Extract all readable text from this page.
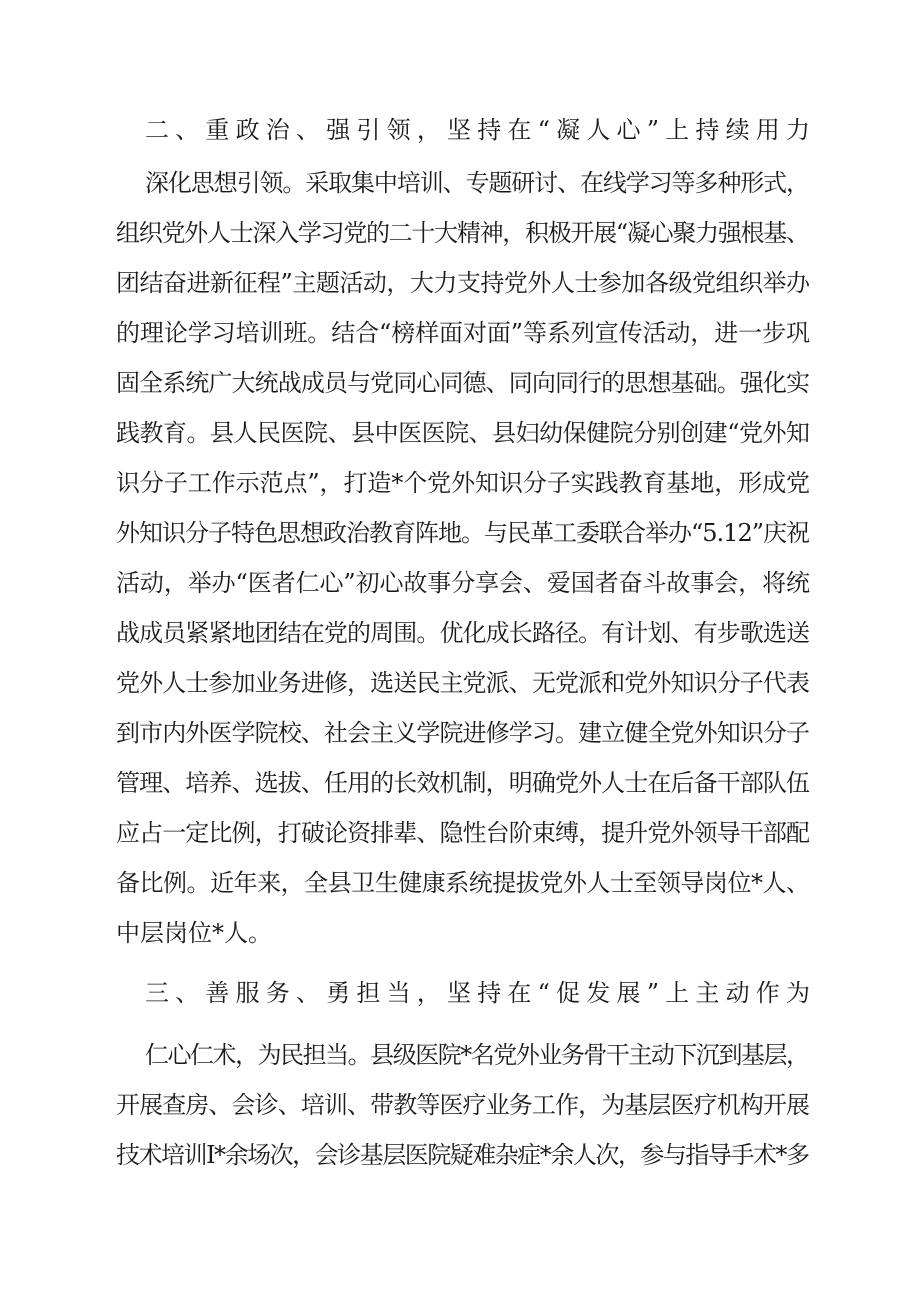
二、重政治、强引领，坚持在“凝人心”上持续用力
深化思想引领。采取集中培训、专题研讨、在线学习等多种形式，
组织党外人士深入学习党的二十大精神，积极开展“凝心聚力强根基、
团结奋进新征程”主题活动，大力支持党外人士参加各级党组织举办
的理论学习培训班。结合“榜样面对面”等系列宣传活动，进一步巩
固全系统广大统战成员与党同心同德、同向同行的思想基础。强化实
践教育。县人民医院、县中医医院、县妇幼保健院分别创建“党外知
识分子工作示范点”，打造*个党外知识分子实践教育基地，形成党
外知识分子特色思想政治教育阵地。与民革工委联合举办“5.12”庆祝
活动，举办“医者仁心”初心故事分享会、爱国者奋斗故事会，将统
战成员紧紧地团结在党的周围。优化成长路径。有计划、有步歌选送
党外人士参加业务进修，选送民主党派、无党派和党外知识分子代表
到市内外医学院校、社会主义学院进修学习。建立健全党外知识分子
管理、培养、选拔、任用的长效机制，明确党外人士在后备干部队伍
应占一定比例，打破论资排辈、隐性台阶束缚，提升党外领导干部配
备比例。近年来，全县卫生健康系统提拔党外人士至领导岗位*人、
中层岗位*人。
三、善服务、勇担当，坚持在“促发展”上主动作为
仁心仁术，为民担当。县级医院*名党外业务骨干主动下沉到基层，
开展查房、会诊、培训、带教等医疗业务工作，为基层医疗机构开展
技术培训I*余场次，会诊基层医院疑难杂症*余人次，参与指导手术*多
